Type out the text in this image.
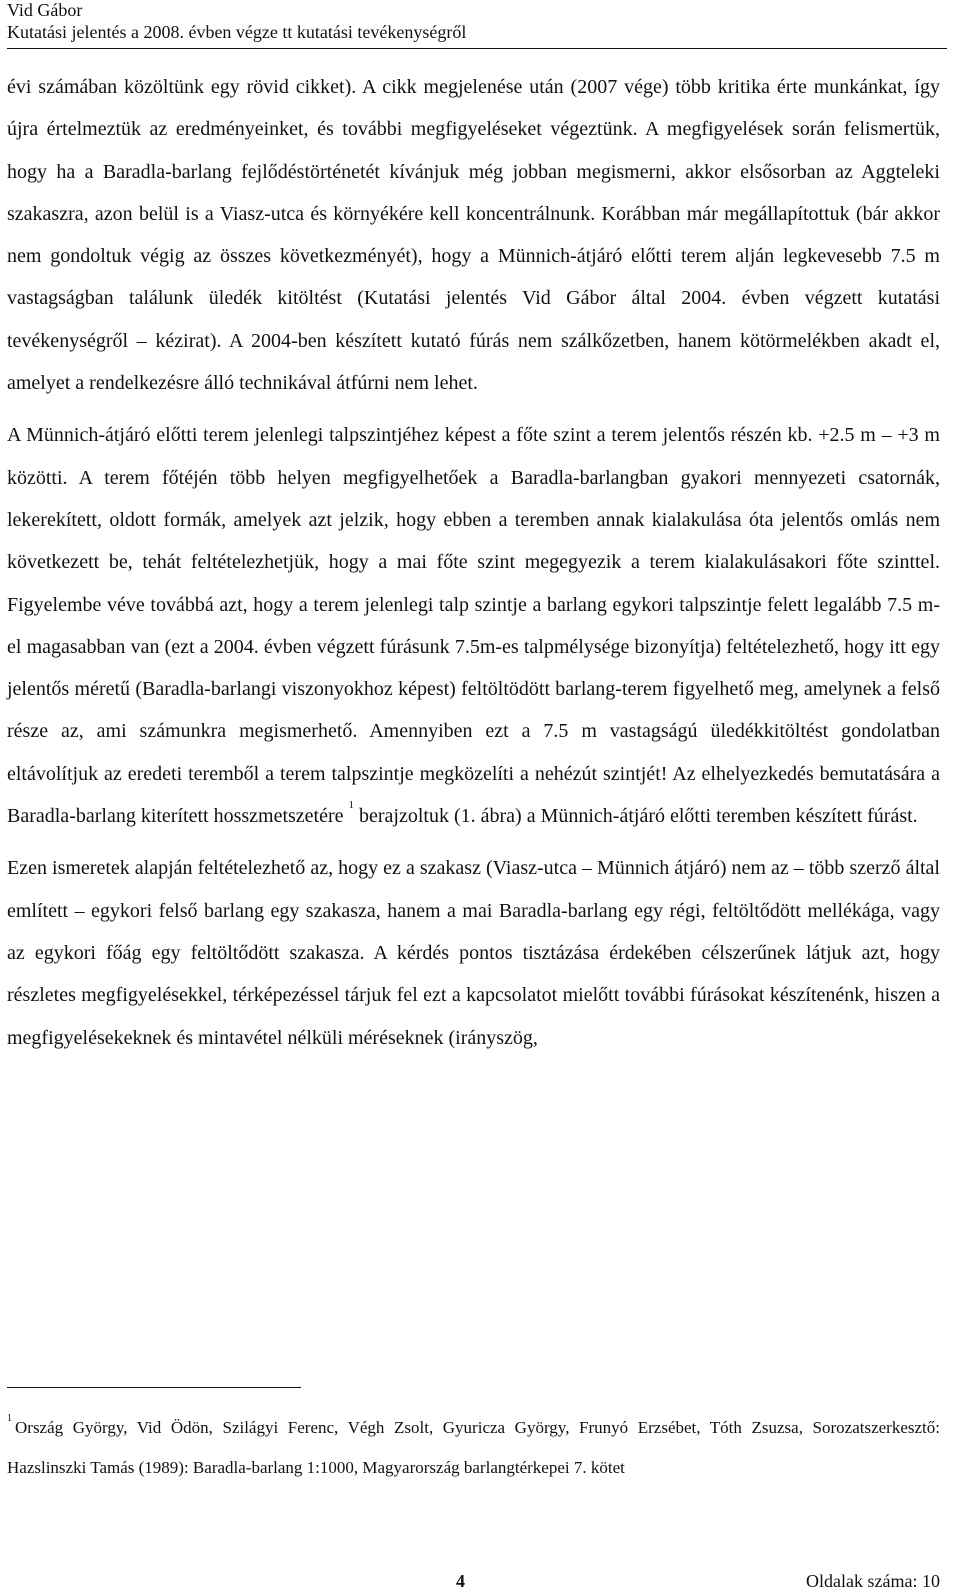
Vid Gábor
Kutatási jelentés a 2008. évben végze tt kutatási tevékenységről

évi számában közöltünk egy rövid cikket). A cikk megjelenése után (2007 vége) több kritika érte munkánkat, így újra értelmeztük az eredményeinket, és további megfigyeléseket végeztünk. A megfigyelések során felismertük, hogy ha a Baradla-barlang fejlődéstörténetét kívánjuk még jobban megismerni, akkor elsősorban az Aggteleki szakaszra, azon belül is a Viasz-utca és környékére kell koncentrálnunk. Korábban már megállapítottuk (bár akkor nem gondoltuk végig az összes következményét), hogy a Münnich-átjáró előtti terem alján legkevesebb 7.5 m vastagságban találunk üledék kitöltést (Kutatási jelentés Vid Gábor által 2004. évben végzett kutatási tevékenységről – kézirat). A 2004-ben készített kutató fúrás nem szálkőzetben, hanem kötörmelékben akadt el, amelyet a rendelkezésre álló technikával átfúrni nem lehet.

A Münnich-átjáró előtti terem jelenlegi talpszintjéhez képest a főte szint a terem jelentős részén kb. +2.5 m – +3 m közötti. A terem főtéjén több helyen megfigyelhetőek a Baradla-barlangban gyakori mennyezeti csatornák, lekerekített, oldott formák, amelyek azt jelzik, hogy ebben a teremben annak kialakulása óta jelentős omlás nem következett be, tehát feltételezhetjük, hogy a mai főte szint megegyezik a terem kialakulásakori főte szinttel. Figyelembe véve továbbá azt, hogy a terem jelenlegi talp szintje a barlang egykori talpszintje felett legalább 7.5 m-el magasabban van (ezt a 2004. évben végzett fúrásunk 7.5m-es talpmélysége bizonyítja) feltételezhető, hogy itt egy jelentős méretű (Baradla-barlangi viszonyokhoz képest) feltöltödött barlang-terem figyelhető meg, amelynek a felső része az, ami számunkra megismerhető. Amennyiben ezt a 7.5 m vastagságú üledékkitöltést gondolatban eltávolítjuk az eredeti teremből a terem talpszintje megközelíti a nehézút szintjét! Az elhelyezkedés bemutatására a Baradla-barlang kiterített hosszmetszetére $^1$ berajzoltuk (1. ábra) a Münnich-átjáró előtti teremben készített fúrást.

Ezen ismeretek alapján feltételezhető az, hogy ez a szakasz (Viasz-utca – Münnich átjáró) nem az – több szerző által említett – egykori felső barlang egy szakasza, hanem a mai Baradla-barlang egy régi, feltöltődött mellékága, vagy az egykori főág egy feltöltődött szakasza. A kérdés pontos tisztázása érdekében célszerűnek látjuk azt, hogy részletes megfigyelésekkel, térképezéssel tárjuk fel ezt a kapcsolatot mielőtt további fúrásokat készítenénk, hiszen a megfigyelésekeknek és mintavétel nélküli méréseknek (irányszög,

$^1$ Ország György, Vid Ödön, Szilágyi Ferenc, Végh Zsolt, Gyuricza György, Frunyó Erzsébet, Tóth Zsuzsa, Sorozatszerkesztő: Hazslinszki Tamás (1989): Baradla-barlang 1:1000, Magyarország barlangtérkepei 7. kötet
4	Oldalak száma: 10
